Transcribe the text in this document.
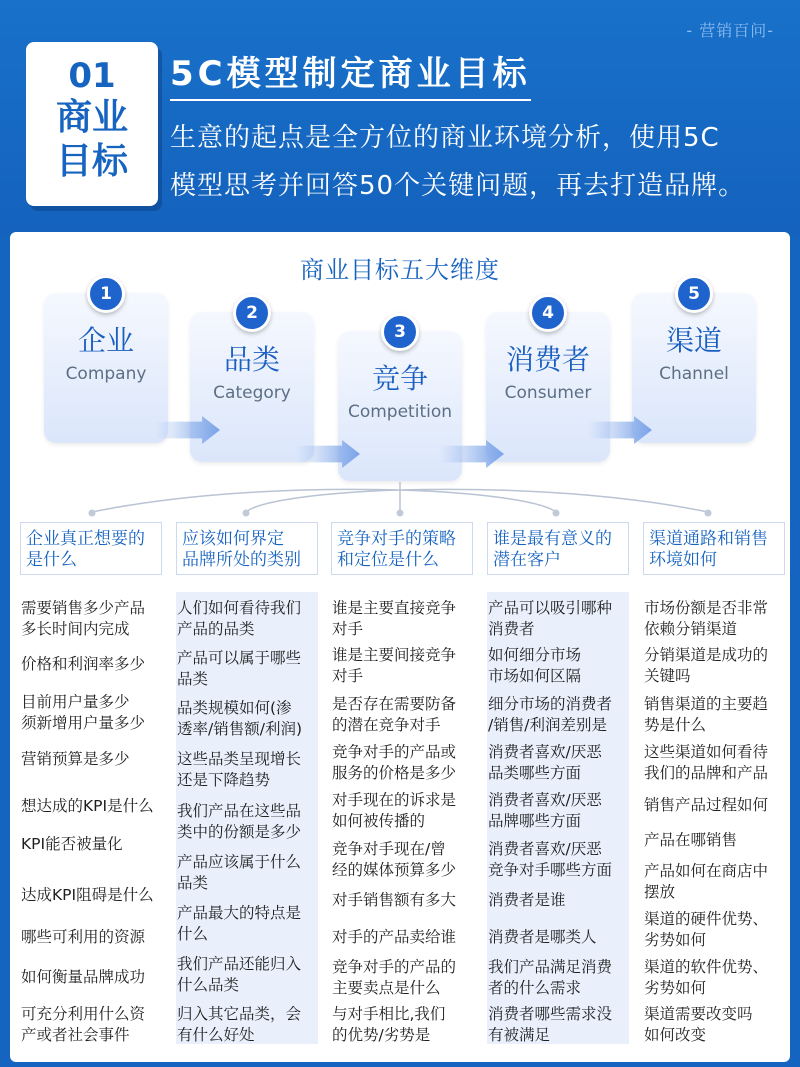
- 营销百问-
01
商业
目标
5C模型制定商业目标
生意的起点是全方位的商业环境分析，使用5C
模型思考并回答50个关键问题，再去打造品牌。
商业目标五大维度
1
企业
Company
2
品类
Category
3
竞争
Competition
4
消费者
Consumer
5
渠道
Channel
企业真正想要的
是什么
应该如何界定
品牌所处的类别
竞争对手的策略
和定位是什么
谁是最有意义的
潜在客户
渠道通路和销售
环境如何
需要销售多少产品
多长时间内完成
价格和利润率多少
目前用户量多少
须新增用户量多少
营销预算是多少
想达成的KPI是什么
KPI能否被量化
达成KPI阻碍是什么
哪些可利用的资源
如何衡量品牌成功
可充分利用什么资
产或者社会事件
人们如何看待我们
产品的品类
产品可以属于哪些
品类
品类规模如何(渗
透率/销售额/利润)
这些品类呈现增长
还是下降趋势
我们产品在这些品
类中的份额是多少
产品应该属于什么
品类
产品最大的特点是
什么
我们产品还能归入
什么品类
归入其它品类，会
有什么好处
谁是主要直接竞争
对手
谁是主要间接竞争
对手
是否存在需要防备
的潜在竞争对手
竞争对手的产品或
服务的价格是多少
对手现在的诉求是
如何被传播的
竞争对手现在/曾
经的媒体预算多少
对手销售额有多大
对手的产品卖给谁
竞争对手的产品的
主要卖点是什么
与对手相比,我们
的优势/劣势是
产品可以吸引哪种
消费者
如何细分市场
市场如何区隔
细分市场的消费者
/销售/利润差别是
消费者喜欢/厌恶
品类哪些方面
消费者喜欢/厌恶
品牌哪些方面
消费者喜欢/厌恶
竞争对手哪些方面
消费者是谁
消费者是哪类人
我们产品满足消费
者的什么需求
消费者哪些需求没
有被满足
市场份额是否非常
依赖分销渠道
分销渠道是成功的
关键吗
销售渠道的主要趋
势是什么
这些渠道如何看待
我们的品牌和产品
销售产品过程如何
产品在哪销售
产品如何在商店中
摆放
渠道的硬件优势、
劣势如何
渠道的软件优势、
劣势如何
渠道需要改变吗
如何改变
